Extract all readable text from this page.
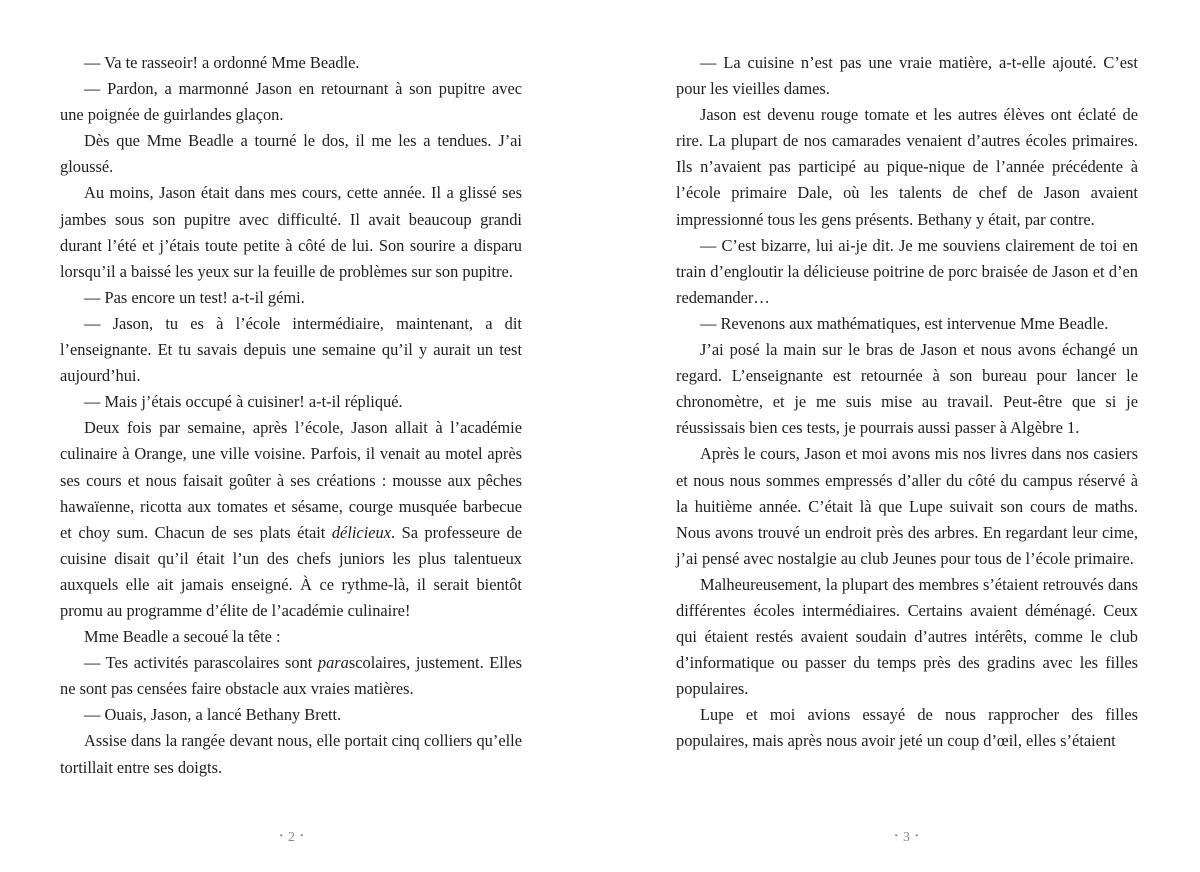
— Va te rasseoir! a ordonné Mme Beadle.

— Pardon, a marmonné Jason en retournant à son pupitre avec une poignée de guirlandes glaçon.

Dès que Mme Beadle a tourné le dos, il me les a tendues. J’ai gloussé.

Au moins, Jason était dans mes cours, cette année. Il a glissé ses jambes sous son pupitre avec difficulté. Il avait beaucoup grandi durant l’été et j’étais toute petite à côté de lui. Son sourire a disparu lorsqu’il a baissé les yeux sur la feuille de problèmes sur son pupitre.

— Pas encore un test! a-t-il gémi.

— Jason, tu es à l’école intermédiaire, maintenant, a dit l’enseignante. Et tu savais depuis une semaine qu’il y aurait un test aujourd’hui.

— Mais j’étais occupé à cuisiner! a-t-il répliqué.

Deux fois par semaine, après l’école, Jason allait à l’académie culinaire à Orange, une ville voisine. Parfois, il venait au motel après ses cours et nous faisait goûter à ses créations : mousse aux pêches hawaïenne, ricotta aux tomates et sésame, courge musquée barbecue et choy sum. Chacun de ses plats était délicieux. Sa professeure de cuisine disait qu’il était l’un des chefs juniors les plus talentueux auxquels elle ait jamais enseigné. À ce rythme-là, il serait bientôt promu au programme d’élite de l’académie culinaire!

Mme Beadle a secoué la tête :

— Tes activités parascolaires sont parascolaires, justement. Elles ne sont pas censées faire obstacle aux vraies matières.

— Ouais, Jason, a lancé Bethany Brett.

Assise dans la rangée devant nous, elle portait cinq colliers qu’elle tortillait entre ses doigts.

— La cuisine n’est pas une vraie matière, a-t-elle ajouté. C’est pour les vieilles dames.

Jason est devenu rouge tomate et les autres élèves ont éclaté de rire. La plupart de nos camarades venaient d’autres écoles primaires. Ils n’avaient pas participé au pique-nique de l’année précédente à l’école primaire Dale, où les talents de chef de Jason avaient impressionné tous les gens présents. Bethany y était, par contre.

— C’est bizarre, lui ai-je dit. Je me souviens clairement de toi en train d’engloutir la délicieuse poitrine de porc braisée de Jason et d’en redemander…

— Revenons aux mathématiques, est intervenue Mme Beadle.

J’ai posé la main sur le bras de Jason et nous avons échangé un regard. L’enseignante est retournée à son bureau pour lancer le chronomètre, et je me suis mise au travail. Peut-être que si je réussissais bien ces tests, je pourrais aussi passer à Algèbre 1.

Après le cours, Jason et moi avons mis nos livres dans nos casiers et nous nous sommes empressés d’aller du côté du campus réservé à la huitième année. C’était là que Lupe suivait son cours de maths. Nous avons trouvé un endroit près des arbres. En regardant leur cime, j’ai pensé avec nostalgie au club Jeunes pour tous de l’école primaire.

Malheureusement, la plupart des membres s’étaient retrouvés dans différentes écoles intermédiaires. Certains avaient déménagé. Ceux qui étaient restés avaient soudain d’autres intérêts, comme le club d’informatique ou passer du temps près des gradins avec les filles populaires.

Lupe et moi avions essayé de nous rapprocher des filles populaires, mais après nous avoir jeté un coup d’œil, elles s’étaient

• 2 •	• 3 •
